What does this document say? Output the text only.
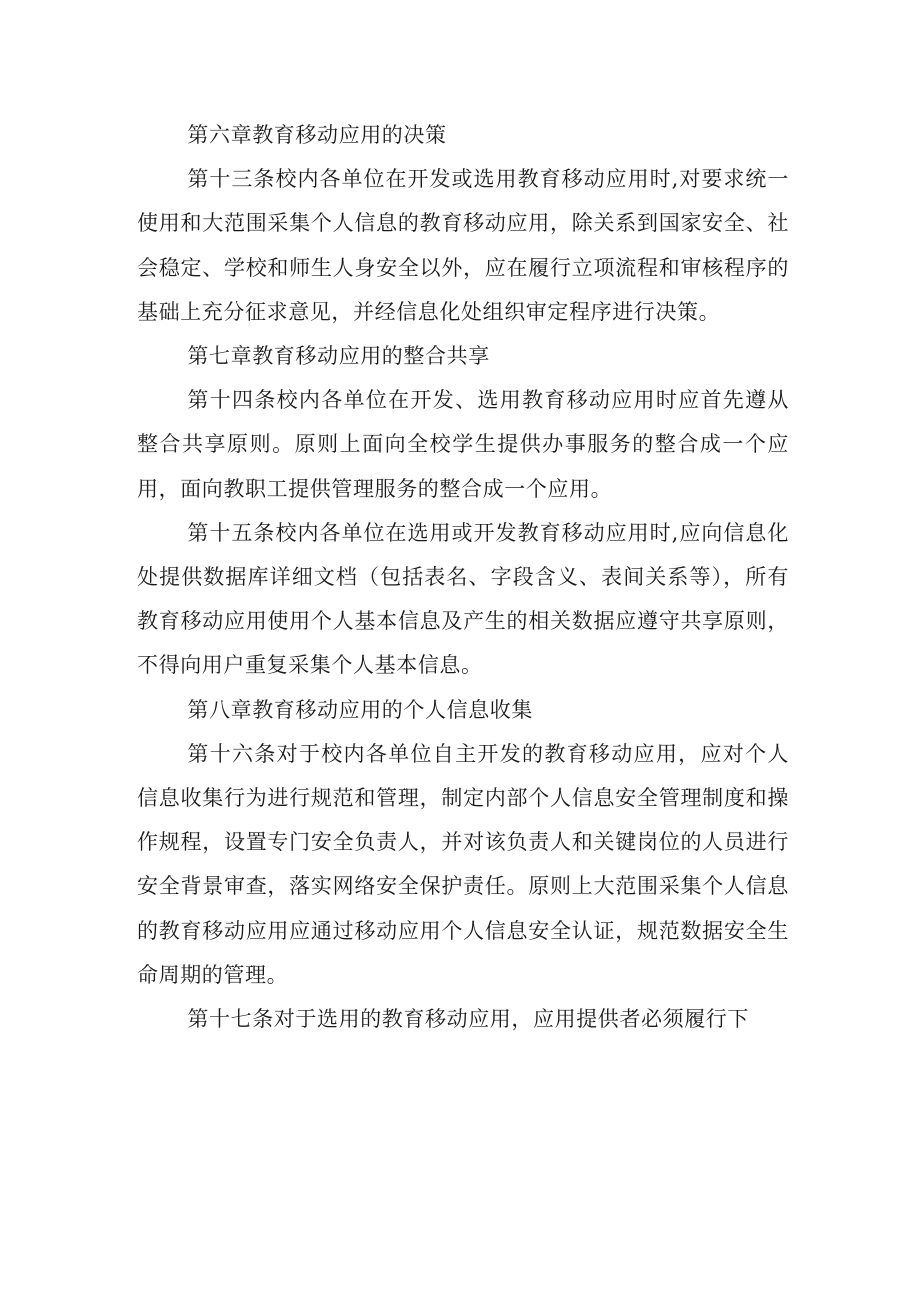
第六章教育移动应用的决策

第十三条校内各单位在开发或选用教育移动应用时,对要求统一使用和大范围采集个人信息的教育移动应用，除关系到国家安全、社会稳定、学校和师生人身安全以外，应在履行立项流程和审核程序的基础上充分征求意见，并经信息化处组织审定程序进行决策。

第七章教育移动应用的整合共享

第十四条校内各单位在开发、选用教育移动应用时应首先遵从整合共享原则。原则上面向全校学生提供办事服务的整合成一个应用，面向教职工提供管理服务的整合成一个应用。

第十五条校内各单位在选用或开发教育移动应用时,应向信息化处提供数据库详细文档（包括表名、字段含义、表间关系等），所有教育移动应用使用个人基本信息及产生的相关数据应遵守共享原则，不得向用户重复采集个人基本信息。

第八章教育移动应用的个人信息收集

第十六条对于校内各单位自主开发的教育移动应用，应对个人信息收集行为进行规范和管理，制定内部个人信息安全管理制度和操作规程，设置专门安全负责人，并对该负责人和关键岗位的人员进行安全背景审查，落实网络安全保护责任。原则上大范围采集个人信息的教育移动应用应通过移动应用个人信息安全认证，规范数据安全生命周期的管理。

第十七条对于选用的教育移动应用，应用提供者必须履行下
